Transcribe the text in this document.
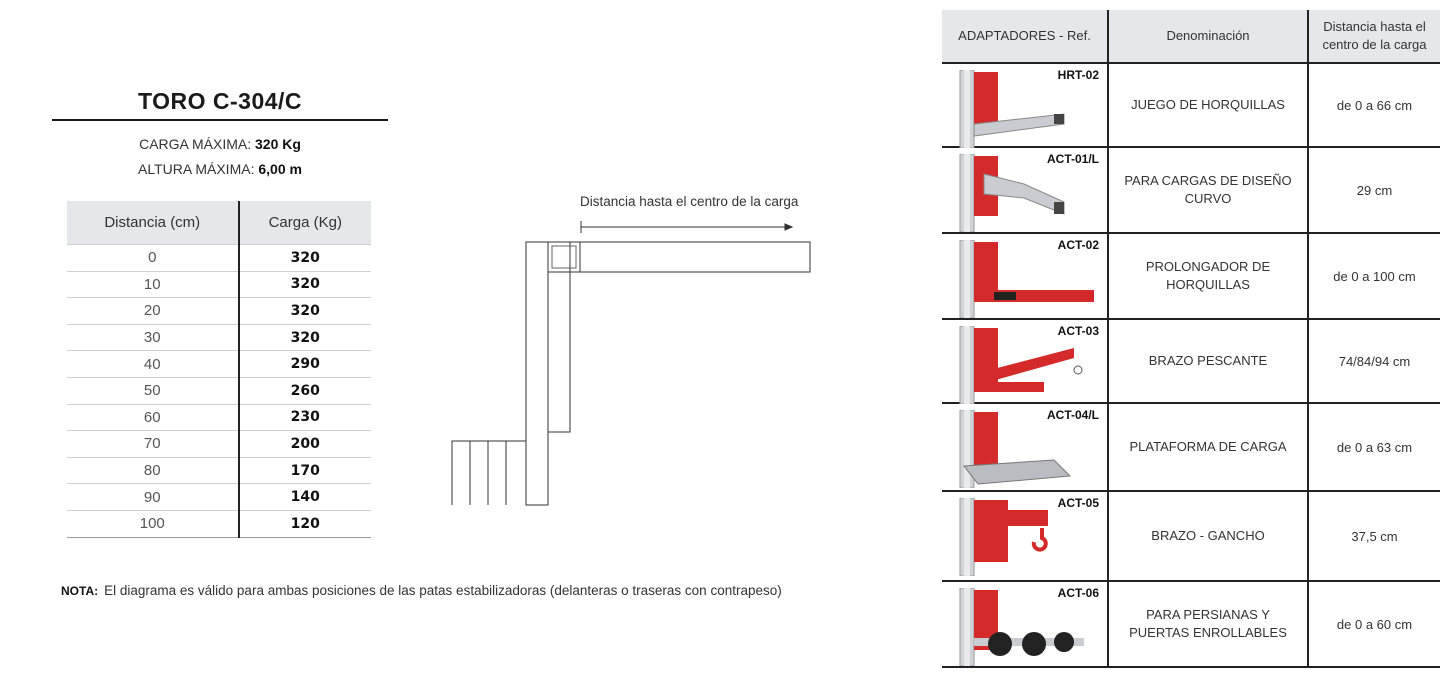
TORO C-304/C
CARGA MÁXIMA: 320 Kg
ALTURA MÁXIMA: 6,00 m
Distancia (cm)	Carga (Kg)
0	320
10	320
20	320
30	320
40	290
50	260
60	230
70	200
80	170
90	140
100	120
NOTA: El diagrama es válido para ambas posiciones de las patas estabilizadoras (delanteras o traseras con contrapeso)
Distancia hasta el centro de la carga
ADAPTADORES - Ref.	Denominación	Distancia hasta el centro de la carga

HRT-02	JUEGO DE HORQUILLAS	de 0 a 66 cm

ACT-01/L	PARA CARGAS DE DISEÑO CURVO	29 cm

ACT-02	PROLONGADOR DE HORQUILLAS	de 0 a 100 cm

ACT-03	BRAZO PESCANTE	74/84/94 cm

ACT-04/L	PLATAFORMA DE CARGA	de 0 a 63 cm

ACT-05	BRAZO - GANCHO	37,5 cm

ACT-06	PARA PERSIANAS Y PUERTAS ENROLLABLES	de 0 a 60 cm
